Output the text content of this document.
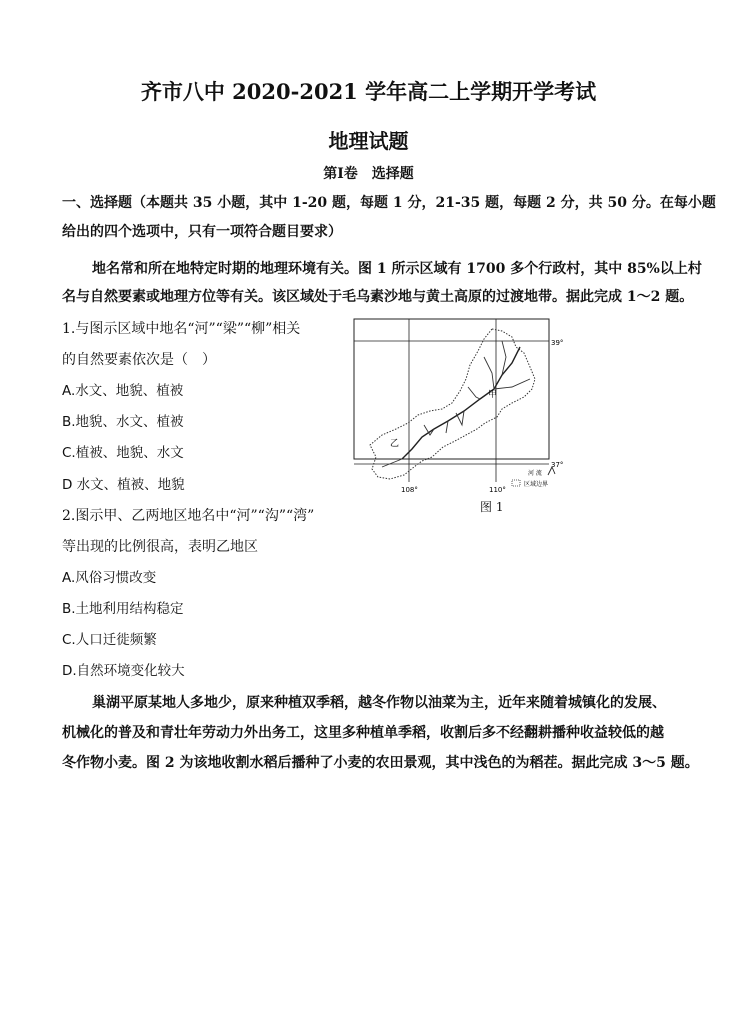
齐市八中 2020-2021 学年高二上学期开学考试
地理试题
第Ⅰ卷　选择题
一、选择题（本题共 35 小题，其中 1-20 题，每题 1 分，21-35 题，每题 2 分，共 50 分。在每小题
给出的四个选项中，只有一项符合题目要求）
地名常和所在地特定时期的地理环境有关。图 1 所示区域有 1700 多个行政村，其中 85%以上村
名与自然要素或地理方位等有关。该区域处于毛乌素沙地与黄土高原的过渡地带。据此完成 1～2 题。
1.与图示区域中地名“河”“梁”“柳”相关
的自然要素依次是（　）
A.水文、地貌、植被
B.地貌、水文、植被
C.植被、地貌、水文
D 水文、植被、地貌
2.图示甲、乙两地区地名中“河”“沟”“湾”
等出现的比例很高，表明乙地区
A.风俗习惯改变
B.土地利用结构稳定
C.人口迁徙频繁
D.自然环境变化较大
甲
乙
39°
37°
108°	110°
河 流
区域边界
图 1
巢湖平原某地人多地少，原来种植双季稻，越冬作物以油菜为主，近年来随着城镇化的发展、
机械化的普及和青壮年劳动力外出务工，这里多种植单季稻，收割后多不经翻耕播种收益较低的越
冬作物小麦。图 2 为该地收割水稻后播种了小麦的农田景观，其中浅色的为稻茬。据此完成 3～5 题。
